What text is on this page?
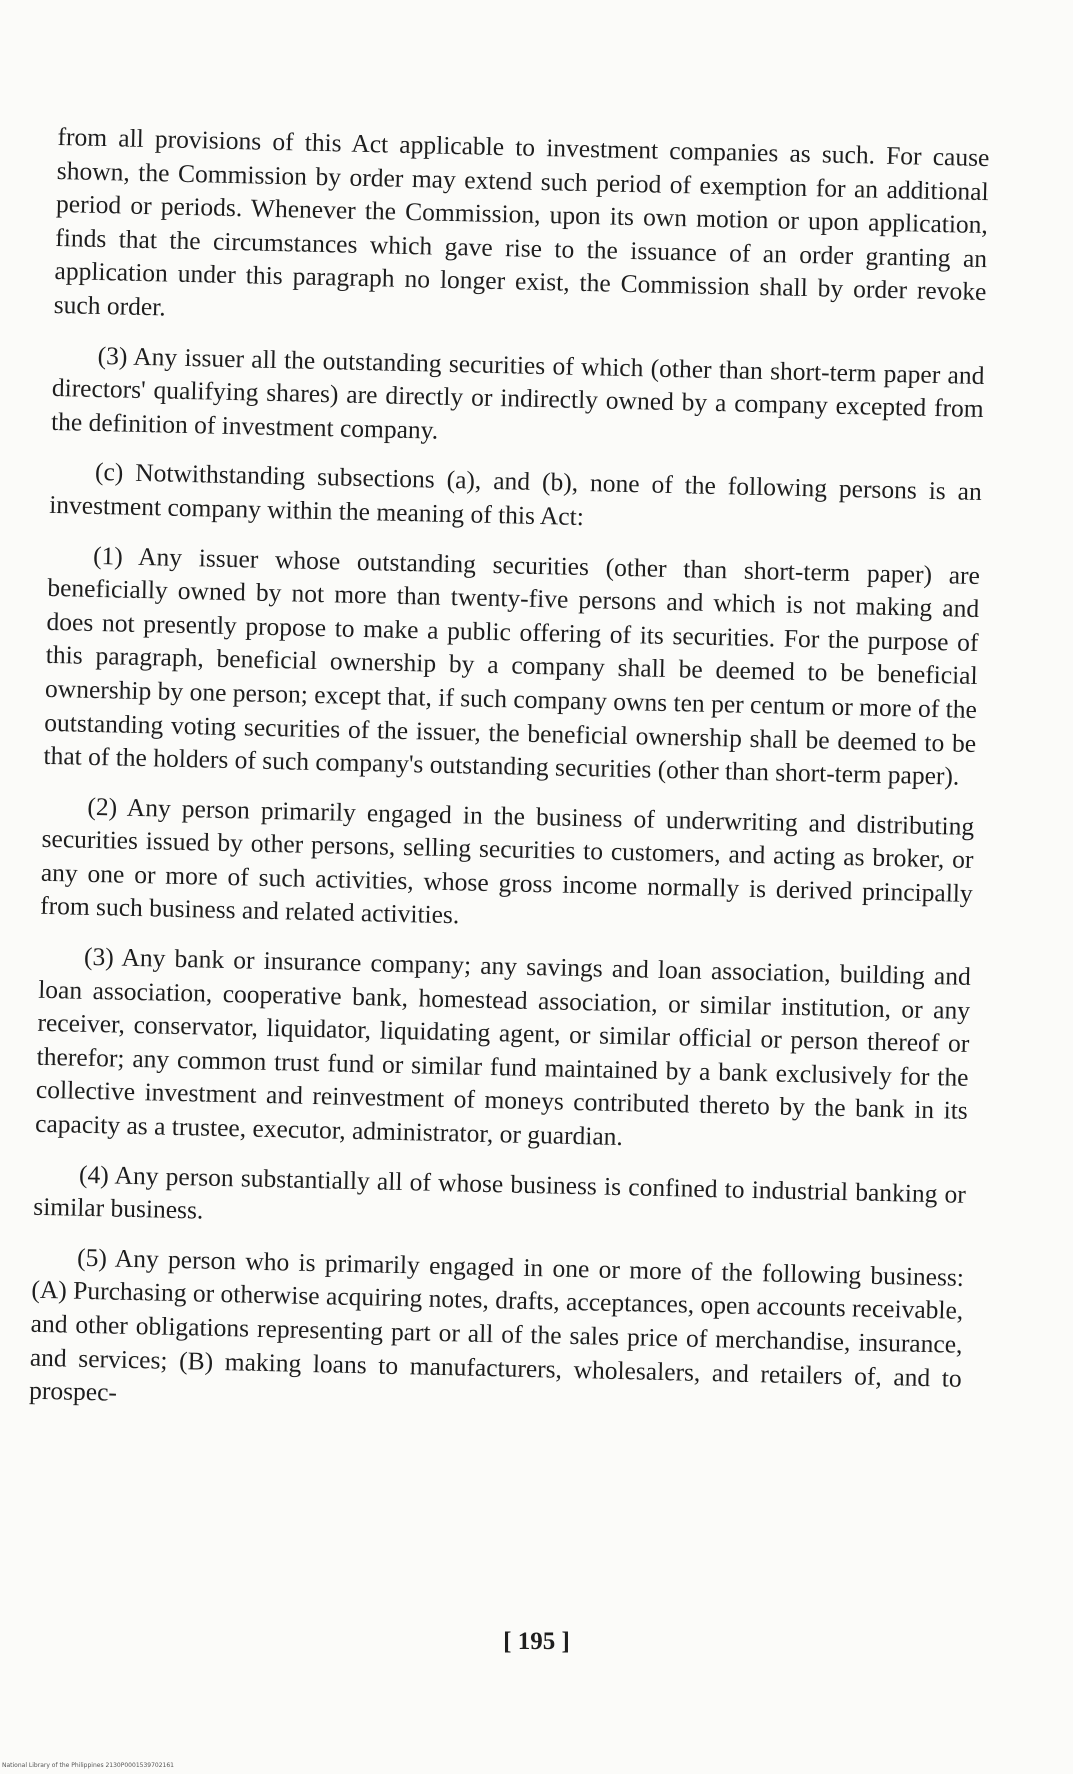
from all provisions of this Act applicable to investment companies as such. For cause shown, the Commission by order may extend such period of exemption for an additional period or periods. Whenever the Commission, upon its own motion or upon application, finds that the circumstances which gave rise to the issuance of an order granting an application under this paragraph no longer exist, the Commission shall by order revoke such order.

(3) Any issuer all the outstanding securities of which (other than short-term paper and directors' qualifying shares) are directly or indirectly owned by a company excepted from the definition of investment company.

(c) Notwithstanding subsections (a), and (b), none of the following persons is an investment company within the meaning of this Act:

(1) Any issuer whose outstanding securities (other than short-term paper) are beneficially owned by not more than twenty-five persons and which is not making and does not presently propose to make a public offering of its securities. For the purpose of this paragraph, beneficial ownership by a company shall be deemed to be beneficial ownership by one person; except that, if such company owns ten per centum or more of the outstanding voting securities of the issuer, the beneficial ownership shall be deemed to be that of the holders of such company's outstanding securities (other than short-term paper).

(2) Any person primarily engaged in the business of underwriting and distributing securities issued by other persons, selling securities to customers, and acting as broker, or any one or more of such activities, whose gross income normally is derived principally from such business and related activities.

(3) Any bank or insurance company; any savings and loan association, building and loan association, cooperative bank, homestead association, or similar institution, or any receiver, conservator, liquidator, liquidating agent, or similar official or person thereof or therefor; any common trust fund or similar fund maintained by a bank exclusively for the collective investment and reinvestment of moneys contributed thereto by the bank in its capacity as a trustee, executor, administrator, or guardian.

(4) Any person substantially all of whose business is confined to industrial banking or similar business.

(5) Any person who is primarily engaged in one or more of the following business: (A) Purchasing or otherwise acquiring notes, drafts, acceptances, open accounts receivable, and other obligations representing part or all of the sales price of merchandise, insurance, and services; (B) making loans to manufacturers, wholesalers, and retailers of, and to prospec-

[ 195 ]
National Library of the Philippines 2130P0001539702161
